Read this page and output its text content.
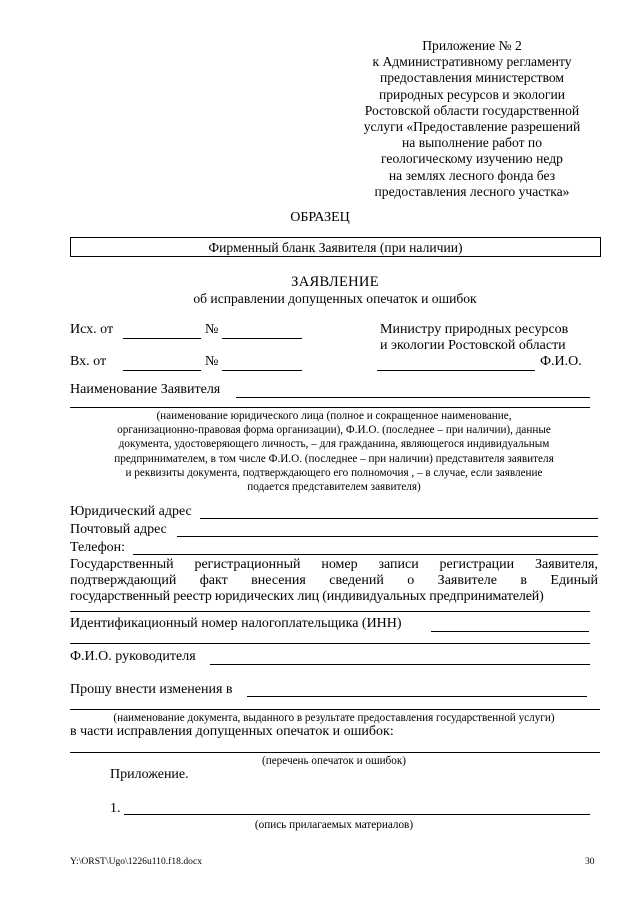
Приложение № 2
к Административному регламенту
предоставления министерством
природных ресурсов и экологии
Ростовской области государственной
услуги «Предоставление разрешений
на выполнение работ по
геологическому изучению недр
на землях лесного фонда без
предоставления лесного участка»
ОБРАЗЕЦ
Фирменный бланк Заявителя (при наличии)
ЗАЯВЛЕНИЕ
об исправлении допущенных опечаток и ошибок
Исх. от	№
Вх. от	№
Министру природных ресурсов
и экологии Ростовской области
Ф.И.О.
Наименование Заявителя
(наименование юридического лица (полное и сокращенное наименование,
организационно-правовая форма организации), Ф.И.О. (последнее – при наличии), данные
документа, удостоверяющего личность, – для гражданина, являющегося индивидуальным
предпринимателем, в том числе Ф.И.О. (последнее – при наличии) представителя заявителя
и реквизиты документа, подтверждающего его полномочия , – в случае, если заявление
подается представителем заявителя)
Юридический адрес
Почтовый адрес
Телефон:
Государственный регистрационный номер записи регистрации Заявителя,
подтверждающий факт внесения сведений о Заявителе в Единый
государственный реестр юридических лиц (индивидуальных предпринимателей)
Идентификационный номер налогоплательщика (ИНН)
Ф.И.О. руководителя
Прошу внести изменения в
(наименование документа, выданного в результате предоставления государственной услуги)
в части исправления допущенных опечаток и ошибок:
(перечень опечаток и ошибок)
Приложение.
1.
(опись прилагаемых материалов)
Y:\ORST\Ugo\1226u110.f18.docx	30
